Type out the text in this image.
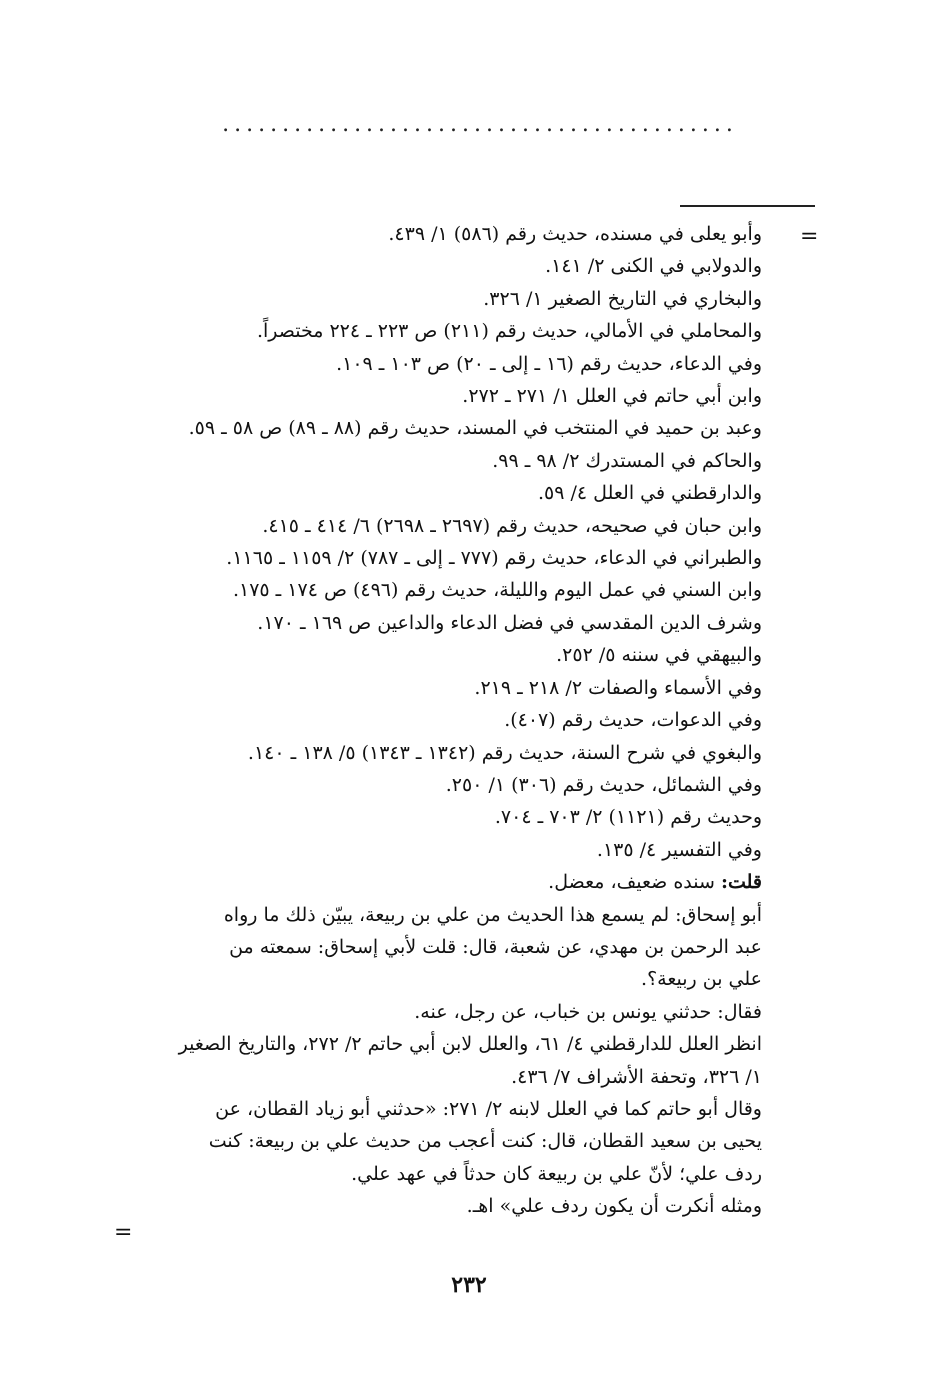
...........................................
=
=
وأبو يعلى في مسنده، حديث رقم (٥٨٦) ١/ ٤٣٩.
والدولابي في الكنى ٢/ ١٤١.
والبخاري في التاريخ الصغير ١/ ٣٢٦.
والمحاملي في الأمالي، حديث رقم (٢١١) ص ٢٢٣ ـ ٢٢٤ مختصراً.
وفي الدعاء، حديث رقم (١٦ ـ إلى ـ ٢٠) ص ١٠٣ ـ ١٠٩.
وابن أبي حاتم في العلل ١/ ٢٧١ ـ ٢٧٢.
وعبد بن حميد في المنتخب في المسند، حديث رقم (٨٨ ـ ٨٩) ص ٥٨ ـ ٥٩.
والحاكم في المستدرك ٢/ ٩٨ ـ ٩٩.
والدارقطني في العلل ٤/ ٥٩.
وابن حبان في صحيحه، حديث رقم (٢٦٩٧ ـ ٢٦٩٨) ٦/ ٤١٤ ـ ٤١٥.
والطبراني في الدعاء، حديث رقم (٧٧٧ ـ إلى ـ ٧٨٧) ٢/ ١١٥٩ ـ ١١٦٥.
وابن السني في عمل اليوم والليلة، حديث رقم (٤٩٦) ص ١٧٤ ـ ١٧٥.
وشرف الدين المقدسي في فضل الدعاء والداعين ص ١٦٩ ـ ١٧٠.
والبيهقي في سننه ٥/ ٢٥٢.
وفي الأسماء والصفات ٢/ ٢١٨ ـ ٢١٩.
وفي الدعوات، حديث رقم (٤٠٧).
والبغوي في شرح السنة، حديث رقم (١٣٤٢ ـ ١٣٤٣) ٥/ ١٣٨ ـ ١٤٠.
وفي الشمائل، حديث رقم (٣٠٦) ١/ ٢٥٠.
وحديث رقم (١١٢١) ٢/ ٧٠٣ ـ ٧٠٤.
وفي التفسير ٤/ ١٣٥.
قلت: سنده ضعيف، معضل.
أبو إسحاق: لم يسمع هذا الحديث من علي بن ربيعة، يبيّن ذلك ما رواه
عبد الرحمن بن مهدي، عن شعبة، قال: قلت لأبي إسحاق: سمعته من
علي بن ربيعة؟.
فقال: حدثني يونس بن خباب، عن رجل، عنه.
انظر العلل للدارقطني ٤/ ٦١، والعلل لابن أبي حاتم ٢/ ٢٧٢، والتاريخ الصغير
١/ ٣٢٦، وتحفة الأشراف ٧/ ٤٣٦.
وقال أبو حاتم كما في العلل لابنه ٢/ ٢٧١: «حدثني أبو زياد القطان، عن
يحيى بن سعيد القطان، قال: كنت أعجب من حديث علي بن ربيعة: كنت
ردف علي؛ لأنّ علي بن ربيعة كان حدثاً في عهد علي.
ومثله أنكرت أن يكون ردف علي» اهـ.
٢٣٢
